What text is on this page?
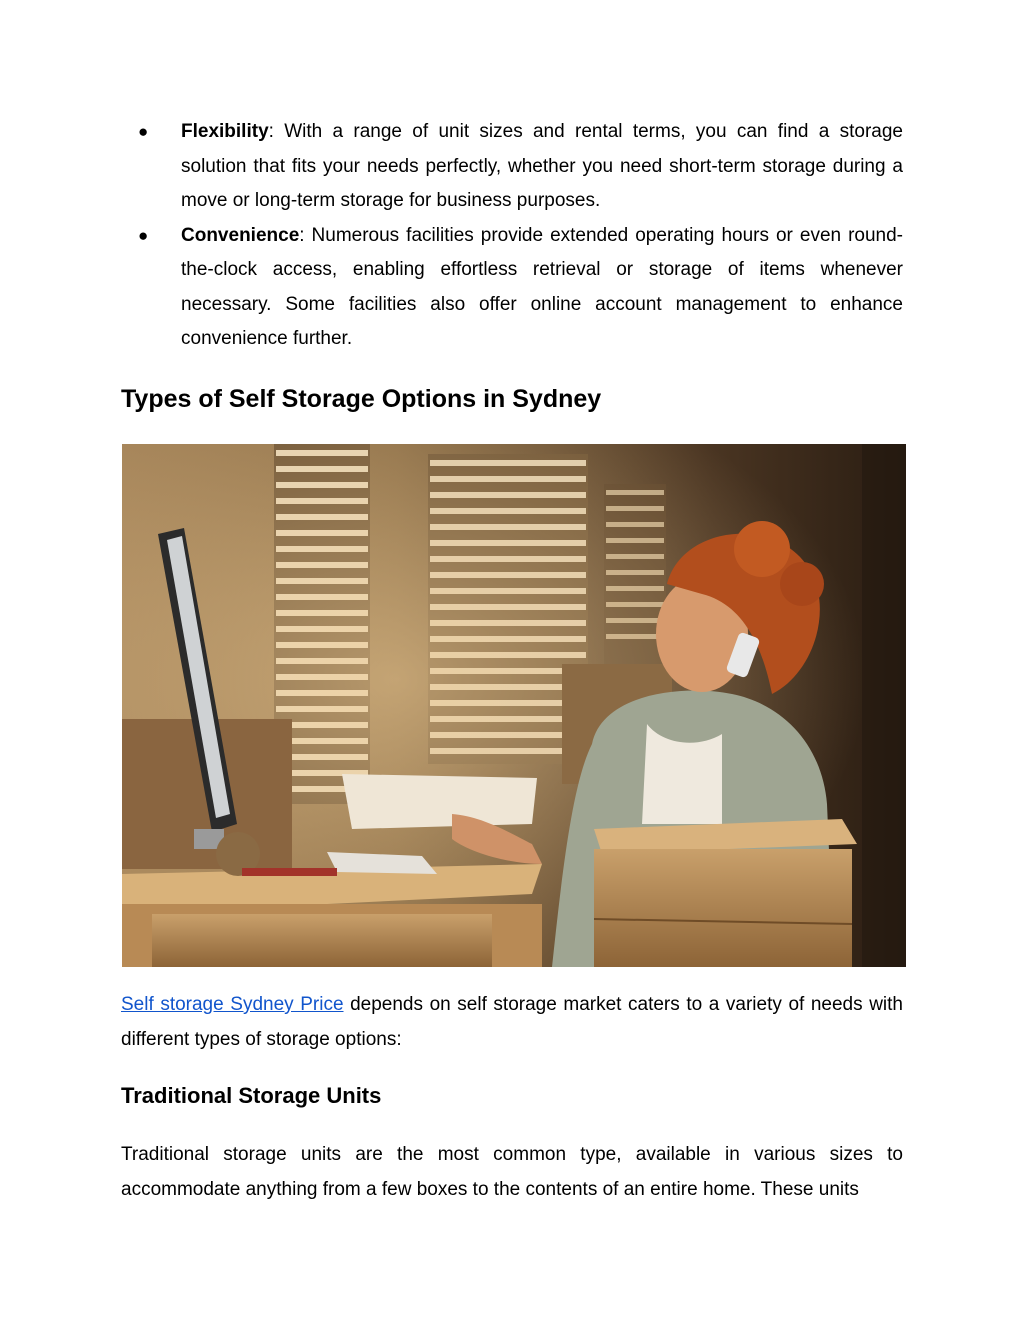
● Flexibility: With a range of unit sizes and rental terms, you can find a storage solution that fits your needs perfectly, whether you need short-term storage during a move or long-term storage for business purposes.
● Convenience: Numerous facilities provide extended operating hours or even round-the-clock access, enabling effortless retrieval or storage of items whenever necessary. Some facilities also offer online account management to enhance convenience further.
Types of Self Storage Options in Sydney

Self storage Sydney Price depends on self storage market caters to a variety of needs with different types of storage options:

Traditional Storage Units

Traditional storage units are the most common type, available in various sizes to accommodate anything from a few boxes to the contents of an entire home. These units
